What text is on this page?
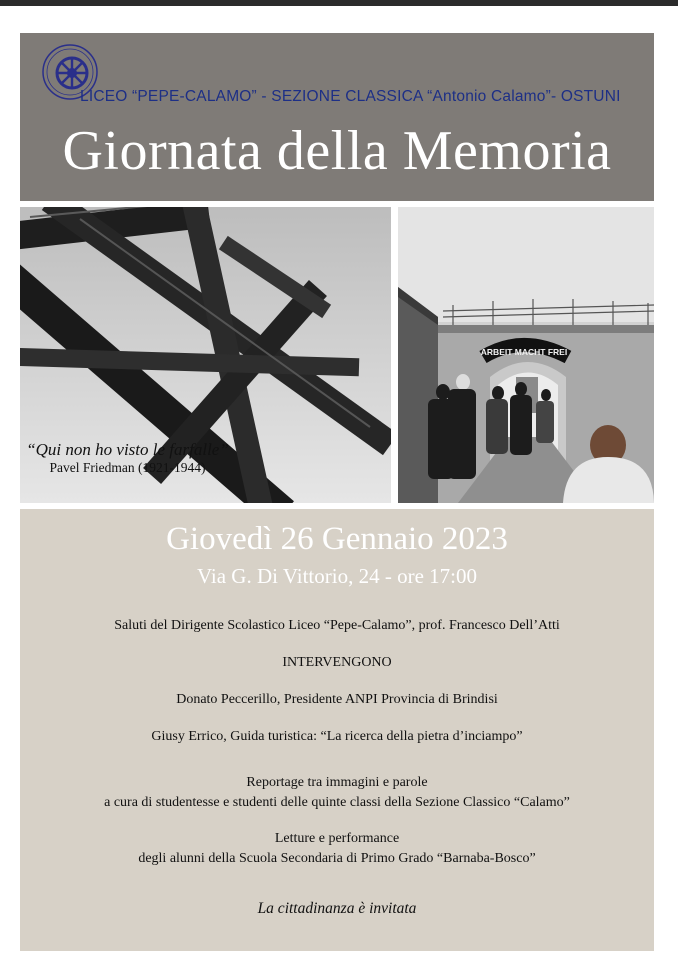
LICEO “PEPE-CALAMO” - SEZIONE CLASSICA “Antonio Calamo”- OSTUNI
Giornata della Memoria
“Qui non ho visto le farfalle”
Pavel Friedman (1921-1944)
ARBEIT MACHT FREI
Giovedì 26 Gennaio 2023
Via G. Di Vittorio, 24 - ore 17:00
Saluti del Dirigente Scolastico Liceo “Pepe-Calamo”, prof. Francesco Dell’Atti
INTERVENGONO
Donato Peccerillo, Presidente ANPI Provincia di Brindisi
Giusy Errico, Guida turistica: “La ricerca della pietra d’inciampo”
Reportage tra immagini e parole
a cura di studentesse e studenti delle quinte classi della Sezione Classico “Calamo”
Letture e performance
degli alunni della Scuola Secondaria di Primo Grado “Barnaba-Bosco”
La cittadinanza è invitata
